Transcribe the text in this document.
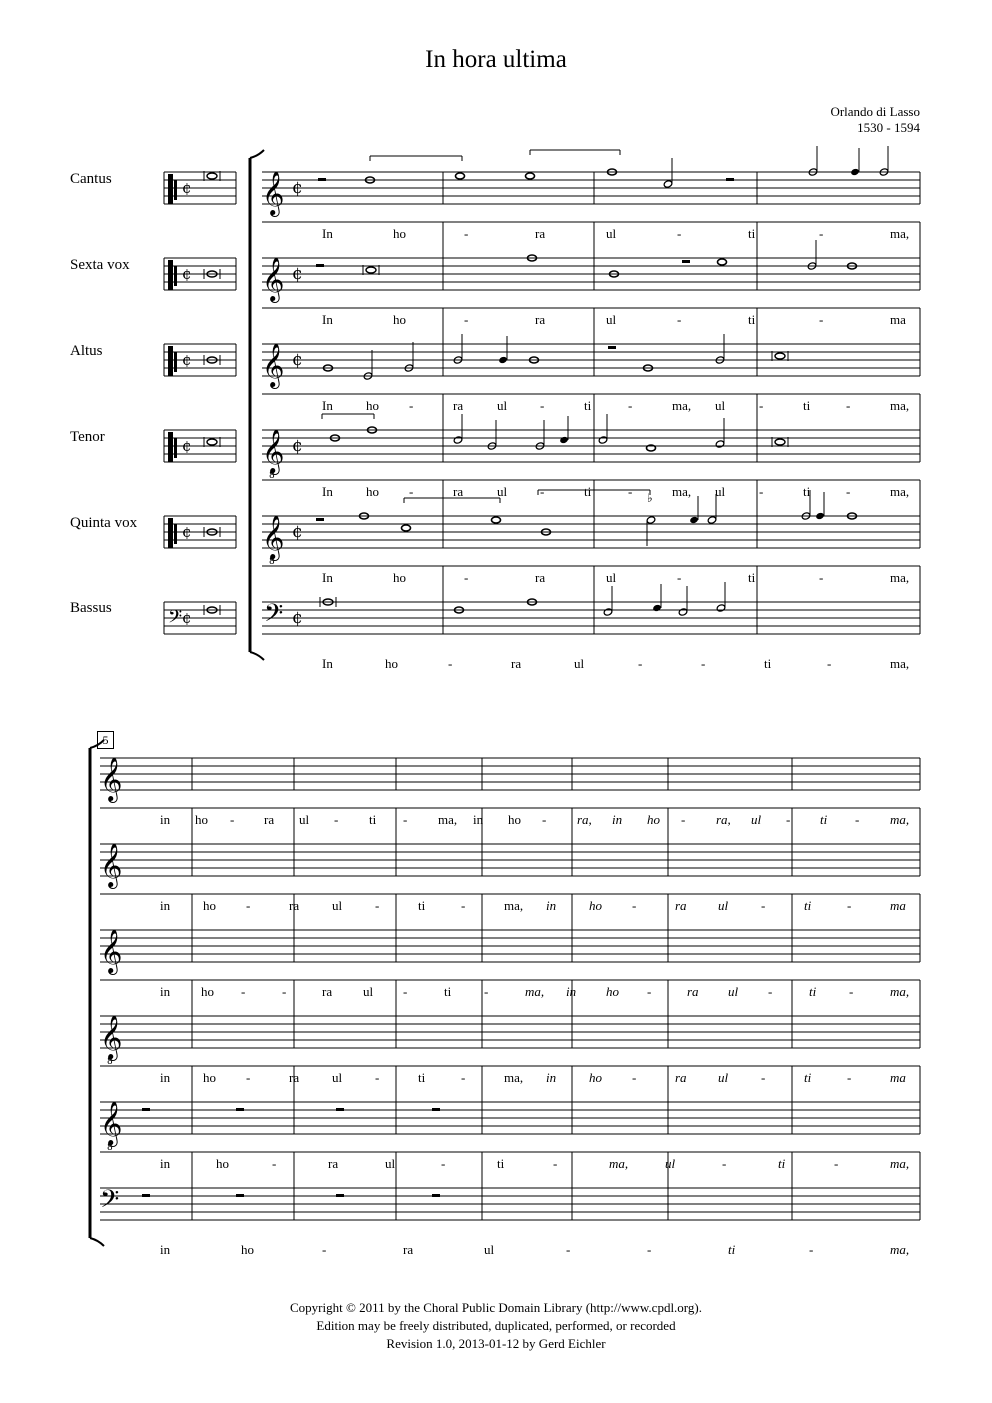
In hora ultima
Orlando di Lasso
1530 - 1594
Cantus
Sexta vox
Altus
Tenor
Quinta vox
Bassus
¢ 𝄞 ¢
¢ 𝄞 ¢
¢ 𝄞 ¢
¢ 𝄞
8
¢
¢ 𝄞
8
¢
𝄢 ¢ 𝄢 ¢
♭
𝄞
𝄞
𝄞
𝄞
8
𝄞
8
𝄢
5
In	ho	-	ra	ul	-	ti	-	ma,
In	ho	-	ra	ul	-	ti	-	ma
In	ho -	ra	ul	-	ti	-	ma, ul	-	ti	-	ma,
In	ho -	ra	ul	-	ti	-	ma, ul	-	ti	-	ma,
In	ho	-	ra	ul	-	ti	-	ma,
In	ho	-	ra	ul	-	-	ti	-	ma,
in ho - ra ul - ti - ma, in ho - ra, in ho - ra, ul - ti - ma,
in	ho -	ra	ul	-	ti	-	ma, in	ho -	ra ul	-	ti	-	ma
in ho -	-	ra ul -	ti	-	ma, in ho -	ra ul -	ti	-	ma,
in	ho -	ra	ul	-	ti	-	ma, in	ho -	ra ul	-	ti	-	ma
in	ho	-	ra	ul	-	ti	-	ma,	ul	-	ti	-	ma,
in	ho	-	ra	ul	-	-	ti	-	ma,
Copyright © 2011 by the Choral Public Domain Library (http://www.cpdl.org).
Edition may be freely distributed, duplicated, performed, or recorded
Revision 1.0, 2013-01-12 by Gerd Eichler
